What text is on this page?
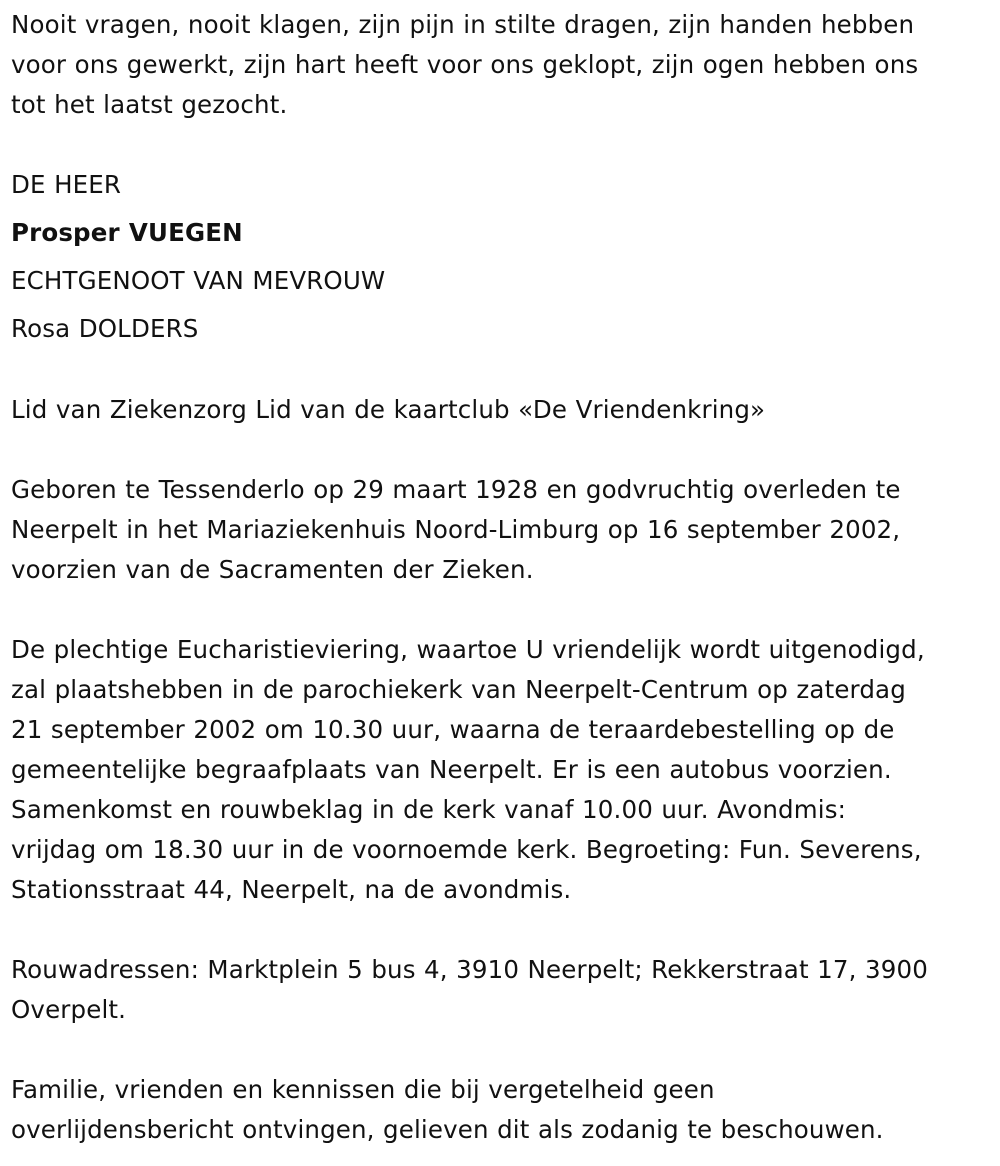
Nooit vragen, nooit klagen, zijn pijn in stilte dragen, zijn handen hebben
voor ons gewerkt, zijn hart heeft voor ons geklopt, zijn ogen hebben ons
tot het laatst gezocht.

DE HEER

Prosper VUEGEN

ECHTGENOOT VAN MEVROUW

Rosa DOLDERS

Lid van Ziekenzorg Lid van de kaartclub «De Vriendenkring»

Geboren te Tessenderlo op 29 maart 1928 en godvruchtig overleden te
Neerpelt in het Mariaziekenhuis Noord-Limburg op 16 september 2002,
voorzien van de Sacramenten der Zieken.

De plechtige Eucharistieviering, waartoe U vriendelijk wordt uitgenodigd,
zal plaatshebben in de parochiekerk van Neerpelt-Centrum op zaterdag
21 september 2002 om 10.30 uur, waarna de teraardebestelling op de
gemeentelijke begraafplaats van Neerpelt. Er is een autobus voorzien.
Samenkomst en rouwbeklag in de kerk vanaf 10.00 uur. Avondmis:
vrijdag om 18.30 uur in de voornoemde kerk. Begroeting: Fun. Severens,
Stationsstraat 44, Neerpelt, na de avondmis.

Rouwadressen: Marktplein 5 bus 4, 3910 Neerpelt; Rekkerstraat 17, 3900
Overpelt.

Familie, vrienden en kennissen die bij vergetelheid geen
overlijdensbericht ontvingen, gelieven dit als zodanig te beschouwen.
